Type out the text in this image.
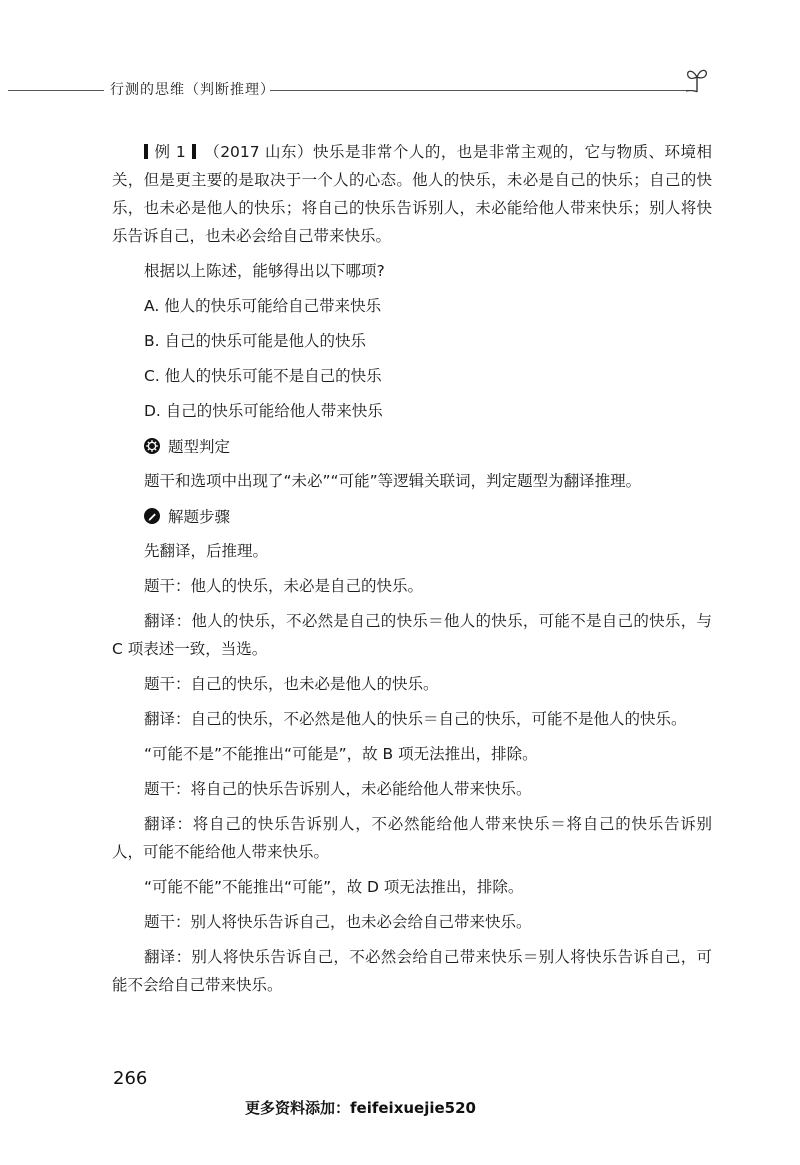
行测的思维（判断推理）

例 1 （2017 山东）快乐是非常个人的，也是非常主观的，它与物质、环境相关，但是更主要的是取决于一个人的心态。他人的快乐，未必是自己的快乐；自己的快乐，也未必是他人的快乐；将自己的快乐告诉别人，未必能给他人带来快乐；别人将快乐告诉自己，也未必会给自己带来快乐。

根据以上陈述，能够得出以下哪项?

A. 他人的快乐可能给自己带来快乐

B. 自己的快乐可能是他人的快乐

C. 他人的快乐可能不是自己的快乐

D. 自己的快乐可能给他人带来快乐

题型判定

题干和选项中出现了“未必”“可能”等逻辑关联词，判定题型为翻译推理。

解题步骤

先翻译，后推理。

题干：他人的快乐，未必是自己的快乐。

翻译：他人的快乐，不必然是自己的快乐＝他人的快乐，可能不是自己的快乐，与 C 项表述一致，当选。

题干：自己的快乐，也未必是他人的快乐。

翻译：自己的快乐，不必然是他人的快乐＝自己的快乐，可能不是他人的快乐。

“可能不是”不能推出“可能是”，故 B 项无法推出，排除。

题干：将自己的快乐告诉别人，未必能给他人带来快乐。

翻译：将自己的快乐告诉别人，不必然能给他人带来快乐＝将自己的快乐告诉别人，可能不能给他人带来快乐。

“可能不能”不能推出“可能”，故 D 项无法推出，排除。

题干：别人将快乐告诉自己，也未必会给自己带来快乐。

翻译：别人将快乐告诉自己，不必然会给自己带来快乐＝别人将快乐告诉自己，可能不会给自己带来快乐。

266
更多资料添加：feifeixuejie520
